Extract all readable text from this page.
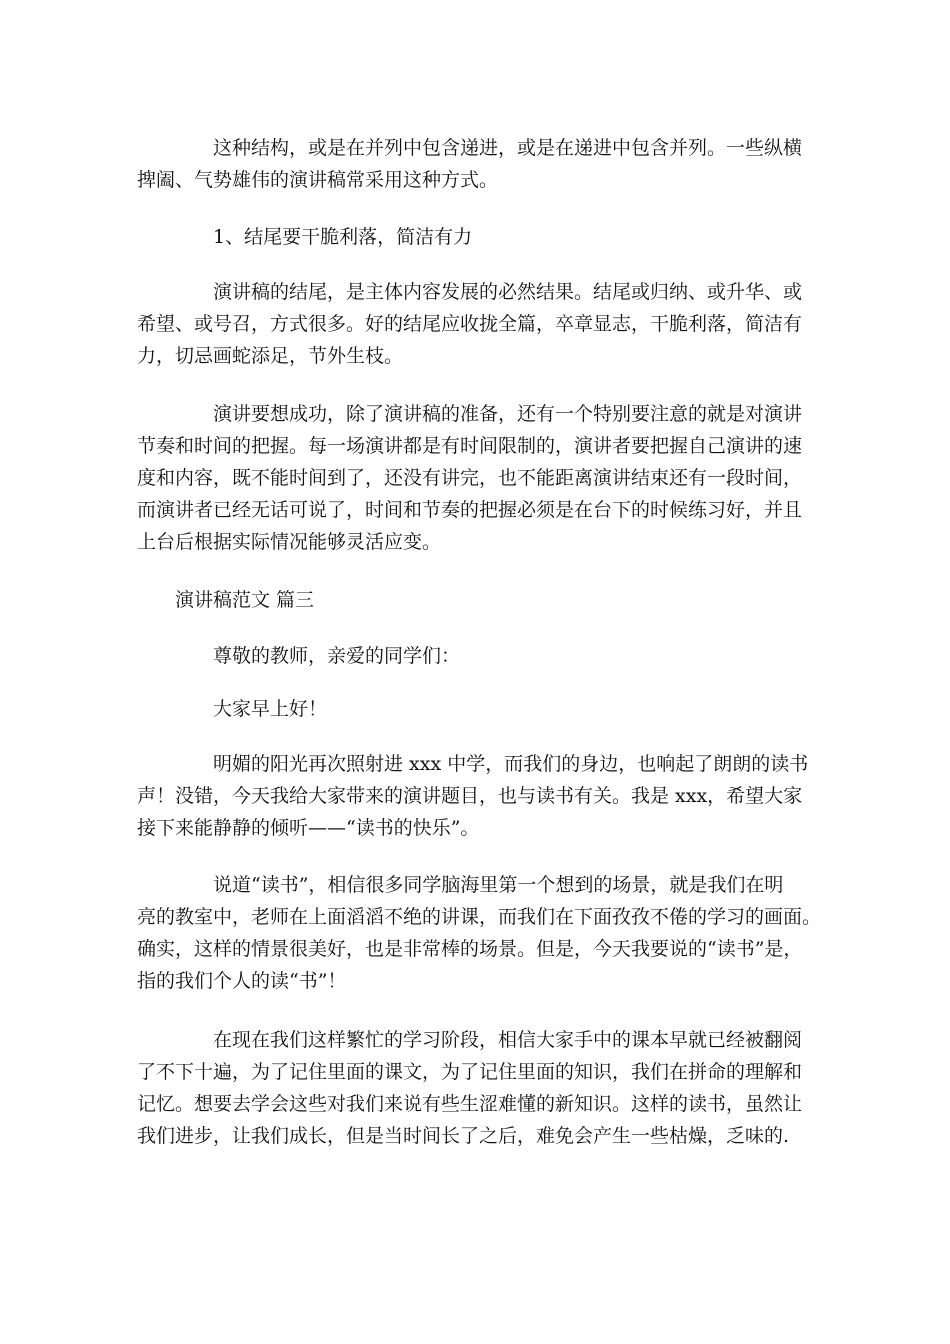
这种结构，或是在并列中包含递进，或是在递进中包含并列。一些纵横
捭阖、气势雄伟的演讲稿常采用这种方式。

1、结尾要干脆利落，简洁有力

演讲稿的结尾，是主体内容发展的必然结果。结尾或归纳、或升华、或
希望、或号召，方式很多。好的结尾应收拢全篇，卒章显志，干脆利落，简洁有
力，切忌画蛇添足，节外生枝。

演讲要想成功，除了演讲稿的准备，还有一个特别要注意的就是对演讲
节奏和时间的把握。每一场演讲都是有时间限制的，演讲者要把握自己演讲的速
度和内容，既不能时间到了，还没有讲完，也不能距离演讲结束还有一段时间，
而演讲者已经无话可说了，时间和节奏的把握必须是在台下的时候练习好，并且
上台后根据实际情况能够灵活应变。

演讲稿范文 篇三

尊敬的教师，亲爱的同学们：

大家早上好！

明媚的阳光再次照射进 xxx 中学，而我们的身边，也响起了朗朗的读书
声！没错，今天我给大家带来的演讲题目，也与读书有关。我是 xxx，希望大家
接下来能静静的倾听——“读书的快乐”。

说道“读书”，相信很多同学脑海里第一个想到的场景，就是我们在明
亮的教室中，老师在上面滔滔不绝的讲课，而我们在下面孜孜不倦的学习的画面。
确实，这样的情景很美好，也是非常棒的场景。但是，今天我要说的“读书”是，
指的我们个人的读“书”！

在现在我们这样繁忙的学习阶段，相信大家手中的课本早就已经被翻阅
了不下十遍，为了记住里面的课文，为了记住里面的知识，我们在拼命的理解和
记忆。想要去学会这些对我们来说有些生涩难懂的新知识。这样的读书，虽然让
我们进步，让我们成长，但是当时间长了之后，难免会产生一些枯燥，乏味的.
